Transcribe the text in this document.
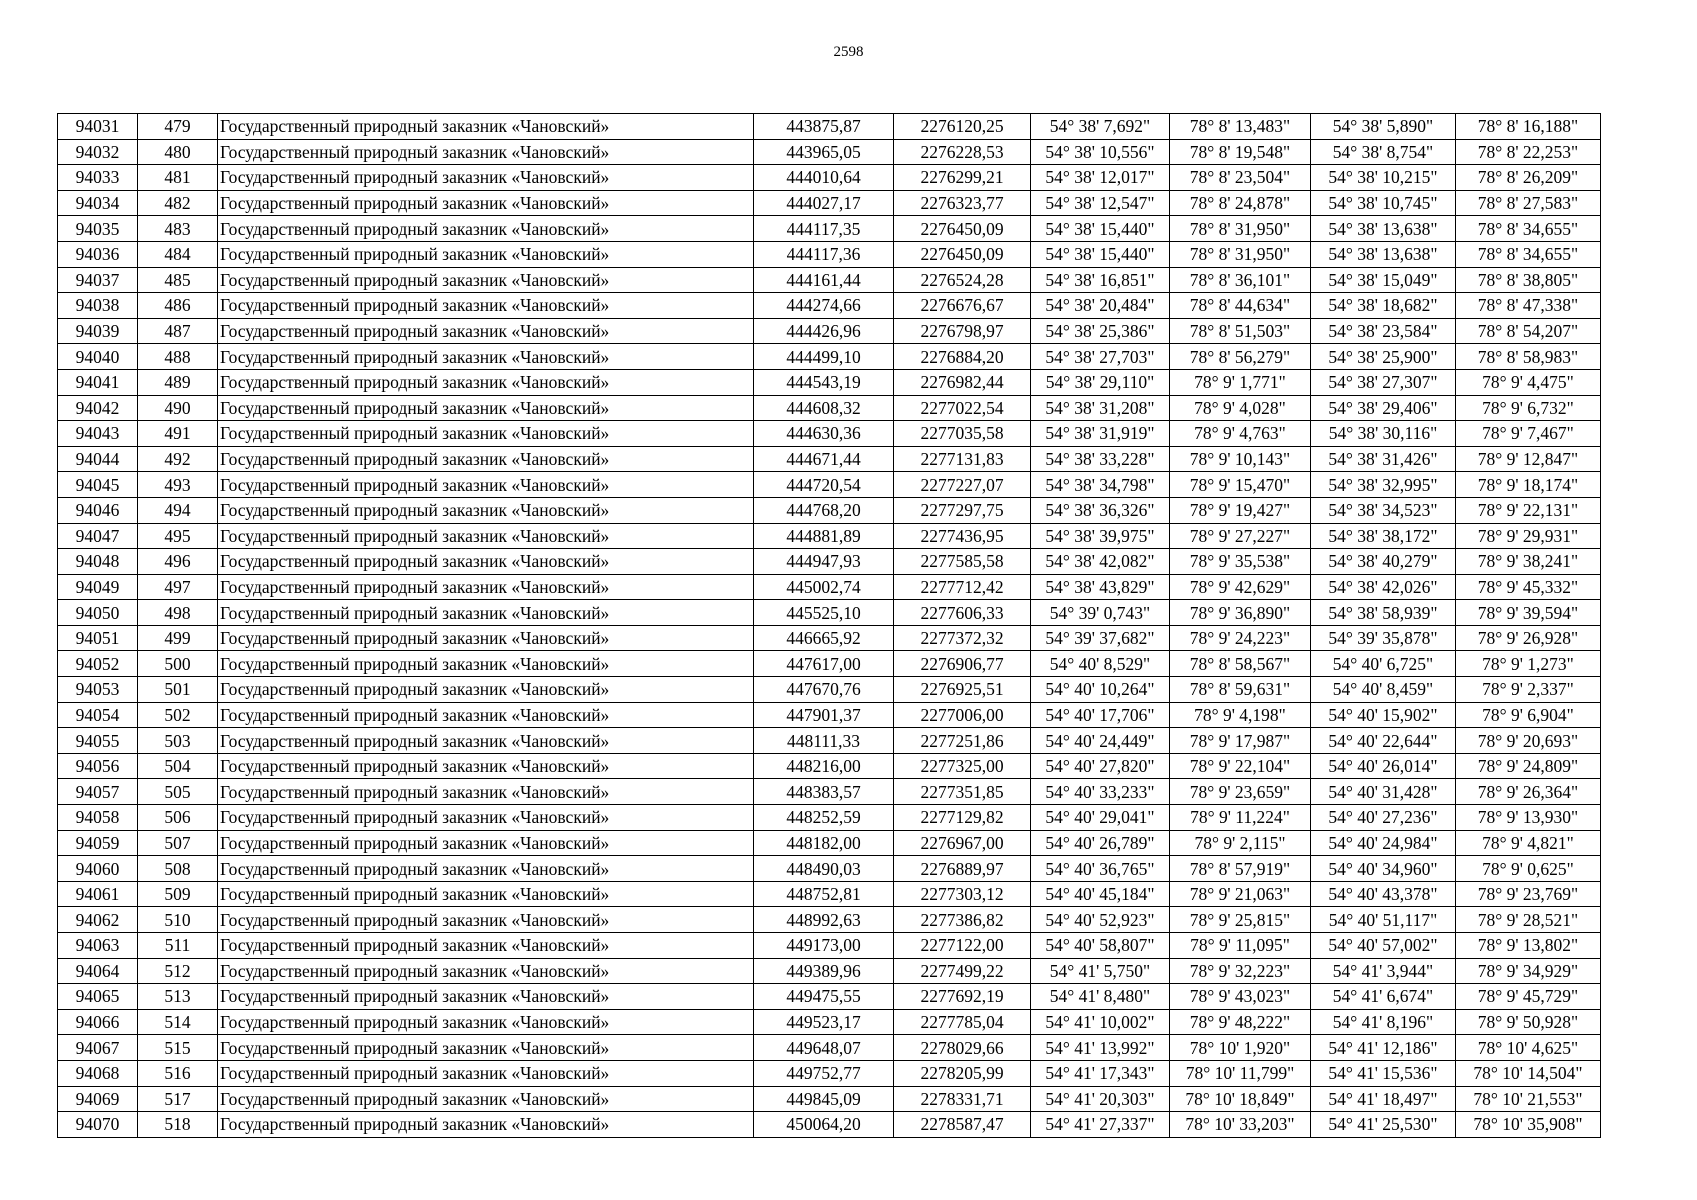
2598
94031	479	Государственный природный заказник «Чановский»	443875,87	2276120,25	54° 38' 7,692"	78° 8' 13,483"	54° 38' 5,890"	78° 8' 16,188"
94032	480	Государственный природный заказник «Чановский»	443965,05	2276228,53	54° 38' 10,556"	78° 8' 19,548"	54° 38' 8,754"	78° 8' 22,253"
94033	481	Государственный природный заказник «Чановский»	444010,64	2276299,21	54° 38' 12,017"	78° 8' 23,504"	54° 38' 10,215"	78° 8' 26,209"
94034	482	Государственный природный заказник «Чановский»	444027,17	2276323,77	54° 38' 12,547"	78° 8' 24,878"	54° 38' 10,745"	78° 8' 27,583"
94035	483	Государственный природный заказник «Чановский»	444117,35	2276450,09	54° 38' 15,440"	78° 8' 31,950"	54° 38' 13,638"	78° 8' 34,655"
94036	484	Государственный природный заказник «Чановский»	444117,36	2276450,09	54° 38' 15,440"	78° 8' 31,950"	54° 38' 13,638"	78° 8' 34,655"
94037	485	Государственный природный заказник «Чановский»	444161,44	2276524,28	54° 38' 16,851"	78° 8' 36,101"	54° 38' 15,049"	78° 8' 38,805"
94038	486	Государственный природный заказник «Чановский»	444274,66	2276676,67	54° 38' 20,484"	78° 8' 44,634"	54° 38' 18,682"	78° 8' 47,338"
94039	487	Государственный природный заказник «Чановский»	444426,96	2276798,97	54° 38' 25,386"	78° 8' 51,503"	54° 38' 23,584"	78° 8' 54,207"
94040	488	Государственный природный заказник «Чановский»	444499,10	2276884,20	54° 38' 27,703"	78° 8' 56,279"	54° 38' 25,900"	78° 8' 58,983"
94041	489	Государственный природный заказник «Чановский»	444543,19	2276982,44	54° 38' 29,110"	78° 9' 1,771"	54° 38' 27,307"	78° 9' 4,475"
94042	490	Государственный природный заказник «Чановский»	444608,32	2277022,54	54° 38' 31,208"	78° 9' 4,028"	54° 38' 29,406"	78° 9' 6,732"
94043	491	Государственный природный заказник «Чановский»	444630,36	2277035,58	54° 38' 31,919"	78° 9' 4,763"	54° 38' 30,116"	78° 9' 7,467"
94044	492	Государственный природный заказник «Чановский»	444671,44	2277131,83	54° 38' 33,228"	78° 9' 10,143"	54° 38' 31,426"	78° 9' 12,847"
94045	493	Государственный природный заказник «Чановский»	444720,54	2277227,07	54° 38' 34,798"	78° 9' 15,470"	54° 38' 32,995"	78° 9' 18,174"
94046	494	Государственный природный заказник «Чановский»	444768,20	2277297,75	54° 38' 36,326"	78° 9' 19,427"	54° 38' 34,523"	78° 9' 22,131"
94047	495	Государственный природный заказник «Чановский»	444881,89	2277436,95	54° 38' 39,975"	78° 9' 27,227"	54° 38' 38,172"	78° 9' 29,931"
94048	496	Государственный природный заказник «Чановский»	444947,93	2277585,58	54° 38' 42,082"	78° 9' 35,538"	54° 38' 40,279"	78° 9' 38,241"
94049	497	Государственный природный заказник «Чановский»	445002,74	2277712,42	54° 38' 43,829"	78° 9' 42,629"	54° 38' 42,026"	78° 9' 45,332"
94050	498	Государственный природный заказник «Чановский»	445525,10	2277606,33	54° 39' 0,743"	78° 9' 36,890"	54° 38' 58,939"	78° 9' 39,594"
94051	499	Государственный природный заказник «Чановский»	446665,92	2277372,32	54° 39' 37,682"	78° 9' 24,223"	54° 39' 35,878"	78° 9' 26,928"
94052	500	Государственный природный заказник «Чановский»	447617,00	2276906,77	54° 40' 8,529"	78° 8' 58,567"	54° 40' 6,725"	78° 9' 1,273"
94053	501	Государственный природный заказник «Чановский»	447670,76	2276925,51	54° 40' 10,264"	78° 8' 59,631"	54° 40' 8,459"	78° 9' 2,337"
94054	502	Государственный природный заказник «Чановский»	447901,37	2277006,00	54° 40' 17,706"	78° 9' 4,198"	54° 40' 15,902"	78° 9' 6,904"
94055	503	Государственный природный заказник «Чановский»	448111,33	2277251,86	54° 40' 24,449"	78° 9' 17,987"	54° 40' 22,644"	78° 9' 20,693"
94056	504	Государственный природный заказник «Чановский»	448216,00	2277325,00	54° 40' 27,820"	78° 9' 22,104"	54° 40' 26,014"	78° 9' 24,809"
94057	505	Государственный природный заказник «Чановский»	448383,57	2277351,85	54° 40' 33,233"	78° 9' 23,659"	54° 40' 31,428"	78° 9' 26,364"
94058	506	Государственный природный заказник «Чановский»	448252,59	2277129,82	54° 40' 29,041"	78° 9' 11,224"	54° 40' 27,236"	78° 9' 13,930"
94059	507	Государственный природный заказник «Чановский»	448182,00	2276967,00	54° 40' 26,789"	78° 9' 2,115"	54° 40' 24,984"	78° 9' 4,821"
94060	508	Государственный природный заказник «Чановский»	448490,03	2276889,97	54° 40' 36,765"	78° 8' 57,919"	54° 40' 34,960"	78° 9' 0,625"
94061	509	Государственный природный заказник «Чановский»	448752,81	2277303,12	54° 40' 45,184"	78° 9' 21,063"	54° 40' 43,378"	78° 9' 23,769"
94062	510	Государственный природный заказник «Чановский»	448992,63	2277386,82	54° 40' 52,923"	78° 9' 25,815"	54° 40' 51,117"	78° 9' 28,521"
94063	511	Государственный природный заказник «Чановский»	449173,00	2277122,00	54° 40' 58,807"	78° 9' 11,095"	54° 40' 57,002"	78° 9' 13,802"
94064	512	Государственный природный заказник «Чановский»	449389,96	2277499,22	54° 41' 5,750"	78° 9' 32,223"	54° 41' 3,944"	78° 9' 34,929"
94065	513	Государственный природный заказник «Чановский»	449475,55	2277692,19	54° 41' 8,480"	78° 9' 43,023"	54° 41' 6,674"	78° 9' 45,729"
94066	514	Государственный природный заказник «Чановский»	449523,17	2277785,04	54° 41' 10,002"	78° 9' 48,222"	54° 41' 8,196"	78° 9' 50,928"
94067	515	Государственный природный заказник «Чановский»	449648,07	2278029,66	54° 41' 13,992"	78° 10' 1,920"	54° 41' 12,186"	78° 10' 4,625"
94068	516	Государственный природный заказник «Чановский»	449752,77	2278205,99	54° 41' 17,343"	78° 10' 11,799"	54° 41' 15,536"	78° 10' 14,504"
94069	517	Государственный природный заказник «Чановский»	449845,09	2278331,71	54° 41' 20,303"	78° 10' 18,849"	54° 41' 18,497"	78° 10' 21,553"
94070	518	Государственный природный заказник «Чановский»	450064,20	2278587,47	54° 41' 27,337"	78° 10' 33,203"	54° 41' 25,530"	78° 10' 35,908"
